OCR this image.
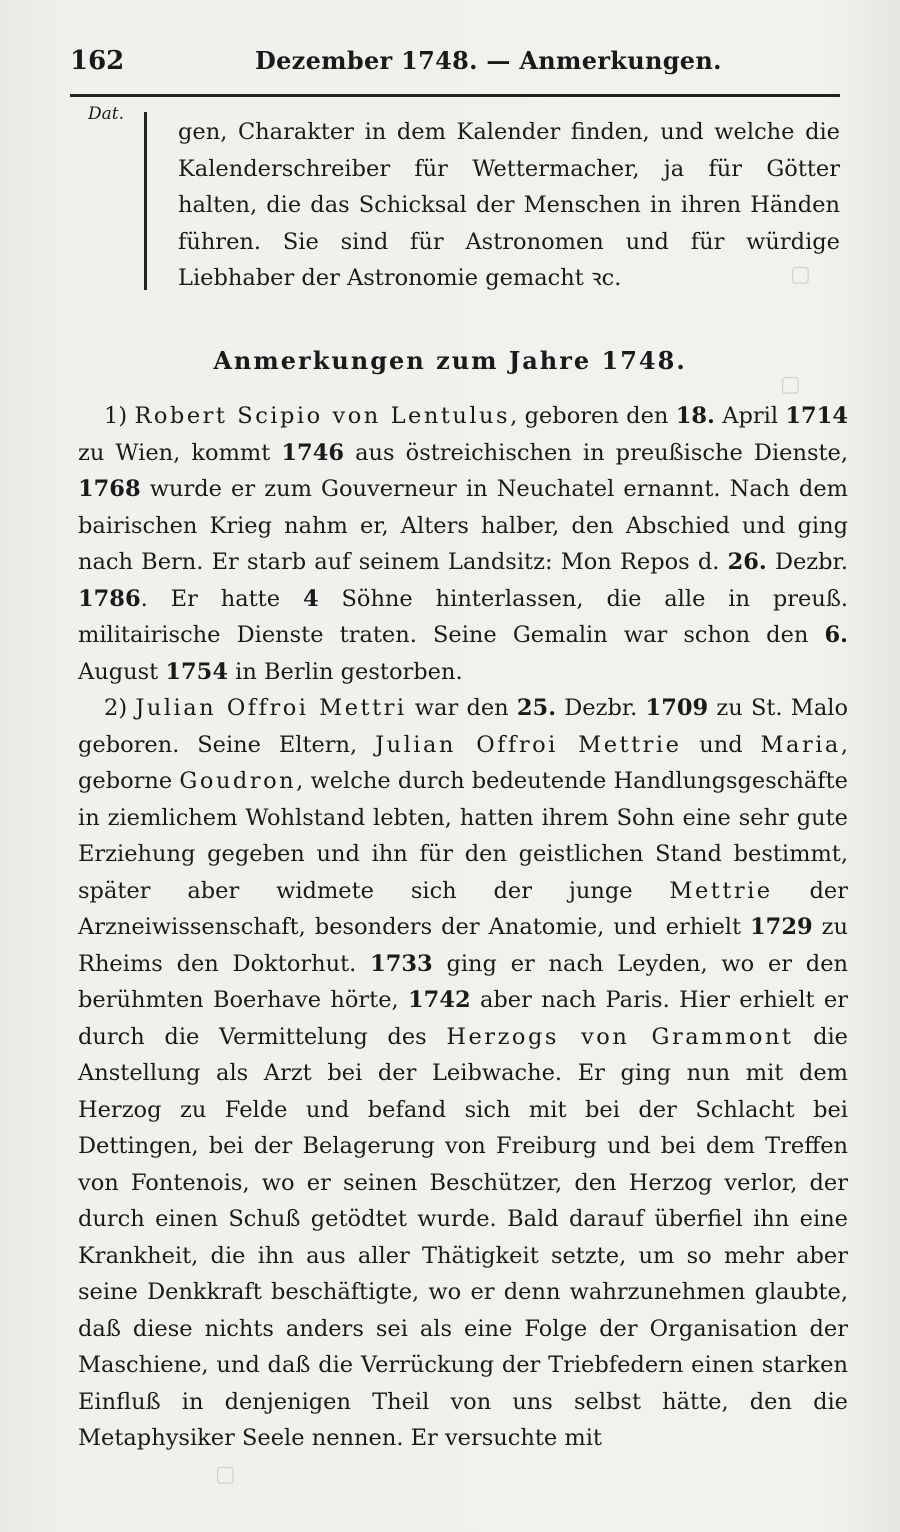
▢
▢
▢
162	Dezember 1748. — Anmerkungen.
Dat.
gen, Charakter in dem Kalender finden, und welche die Kalenderschreiber für Wettermacher, ja für Götter halten, die das Schicksal der Menschen in ihren Händen führen. Sie sind für Astronomen und für würdige Liebhaber der Astronomie gemacht ꝛc.
Anmerkungen zum Jahre 1748.

1) Robert Scipio von Lentulus, geboren den 18. April 1714 zu Wien, kommt 1746 aus östreichischen in preußische Dienste, 1768 wurde er zum Gouverneur in Neuchatel ernannt. Nach dem bairischen Krieg nahm er, Alters halber, den Abschied und ging nach Bern. Er starb auf seinem Landsitz: Mon Repos d. 26. Dezbr. 1786. Er hatte 4 Söhne hinterlassen, die alle in preuß. militairische Dienste traten. Seine Gemalin war schon den 6. August 1754 in Berlin gestorben.

2) Julian Offroi Mettri war den 25. Dezbr. 1709 zu St. Malo geboren. Seine Eltern, Julian Offroi Mettrie und Maria, geborne Goudron, welche durch bedeutende Handlungsgeschäfte in ziemlichem Wohlstand lebten, hatten ihrem Sohn eine sehr gute Erziehung gegeben und ihn für den geistlichen Stand bestimmt, später aber widmete sich der junge Mettrie der Arzneiwissenschaft, besonders der Anatomie, und erhielt 1729 zu Rheims den Doktorhut. 1733 ging er nach Leyden, wo er den berühmten Boerhave hörte, 1742 aber nach Paris. Hier erhielt er durch die Vermittelung des Herzogs von Grammont die Anstellung als Arzt bei der Leibwache. Er ging nun mit dem Herzog zu Felde und befand sich mit bei der Schlacht bei Dettingen, bei der Belagerung von Freiburg und bei dem Treffen von Fontenois, wo er seinen Beschützer, den Herzog verlor, der durch einen Schuß getödtet wurde. Bald darauf überfiel ihn eine Krankheit, die ihn aus aller Thätigkeit setzte, um so mehr aber seine Denkkraft beschäftigte, wo er denn wahrzunehmen glaubte, daß diese nichts anders sei als eine Folge der Organisation der Maschiene, und daß die Verrückung der Triebfedern einen starken Einfluß in denjenigen Theil von uns selbst hätte, den die Metaphysiker Seele nennen. Er versuchte mit
